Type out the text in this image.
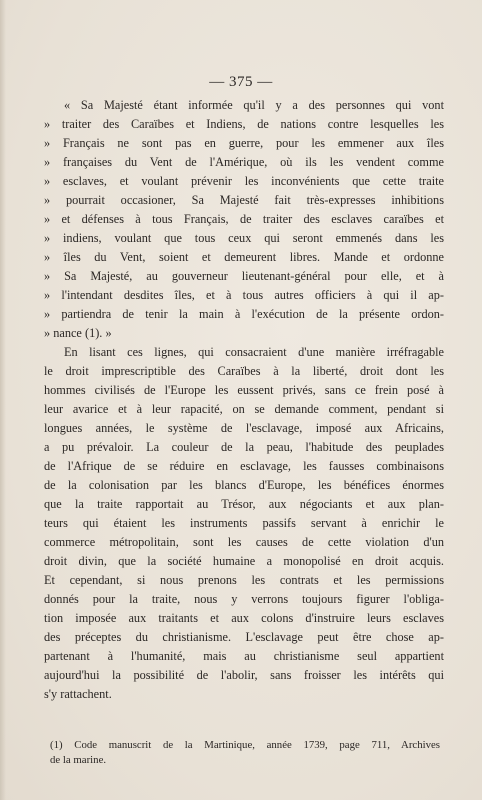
— 375 —
« Sa Majesté étant informée qu'il y a des personnes qui vont
» traiter des Caraïbes et Indiens, de nations contre lesquelles les
» Français ne sont pas en guerre, pour les emmener aux îles
» françaises du Vent de l'Amérique, où ils les vendent comme
» esclaves, et voulant prévenir les inconvénients que cette traite
» pourrait occasioner, Sa Majesté fait très-expresses inhibitions
» et défenses à tous Français, de traiter des esclaves caraïbes et
» indiens, voulant que tous ceux qui seront emmenés dans les
» îles du Vent, soient et demeurent libres. Mande et ordonne
» Sa Majesté, au gouverneur lieutenant-général pour elle, et à
» l'intendant desdites îles, et à tous autres officiers à qui il ap-
» partiendra de tenir la main à l'exécution de la présente ordon-
» nance (1). »
En lisant ces lignes, qui consacraient d'une manière irréfragable
le droit imprescriptible des Caraïbes à la liberté, droit dont les
hommes civilisés de l'Europe les eussent privés, sans ce frein posé à
leur avarice et à leur rapacité, on se demande comment, pendant si
longues années, le système de l'esclavage, imposé aux Africains,
a pu prévaloir. La couleur de la peau, l'habitude des peuplades
de l'Afrique de se réduire en esclavage, les fausses combinaisons
de la colonisation par les blancs d'Europe, les bénéfices énormes
que la traite rapportait au Trésor, aux négociants et aux plan-
teurs qui étaient les instruments passifs servant à enrichir le
commerce métropolitain, sont les causes de cette violation d'un
droit divin, que la société humaine a monopolisé en droit acquis.
Et cependant, si nous prenons les contrats et les permissions
donnés pour la traite, nous y verrons toujours figurer l'obliga-
tion imposée aux traitants et aux colons d'instruire leurs esclaves
des préceptes du christianisme. L'esclavage peut être chose ap-
partenant à l'humanité, mais au christianisme seul appartient
aujourd'hui la possibilité de l'abolir, sans froisser les intérêts qui
s'y rattachent.
(1) Code manuscrit de la Martinique, année 1739, page 711, Archives
de la marine.
